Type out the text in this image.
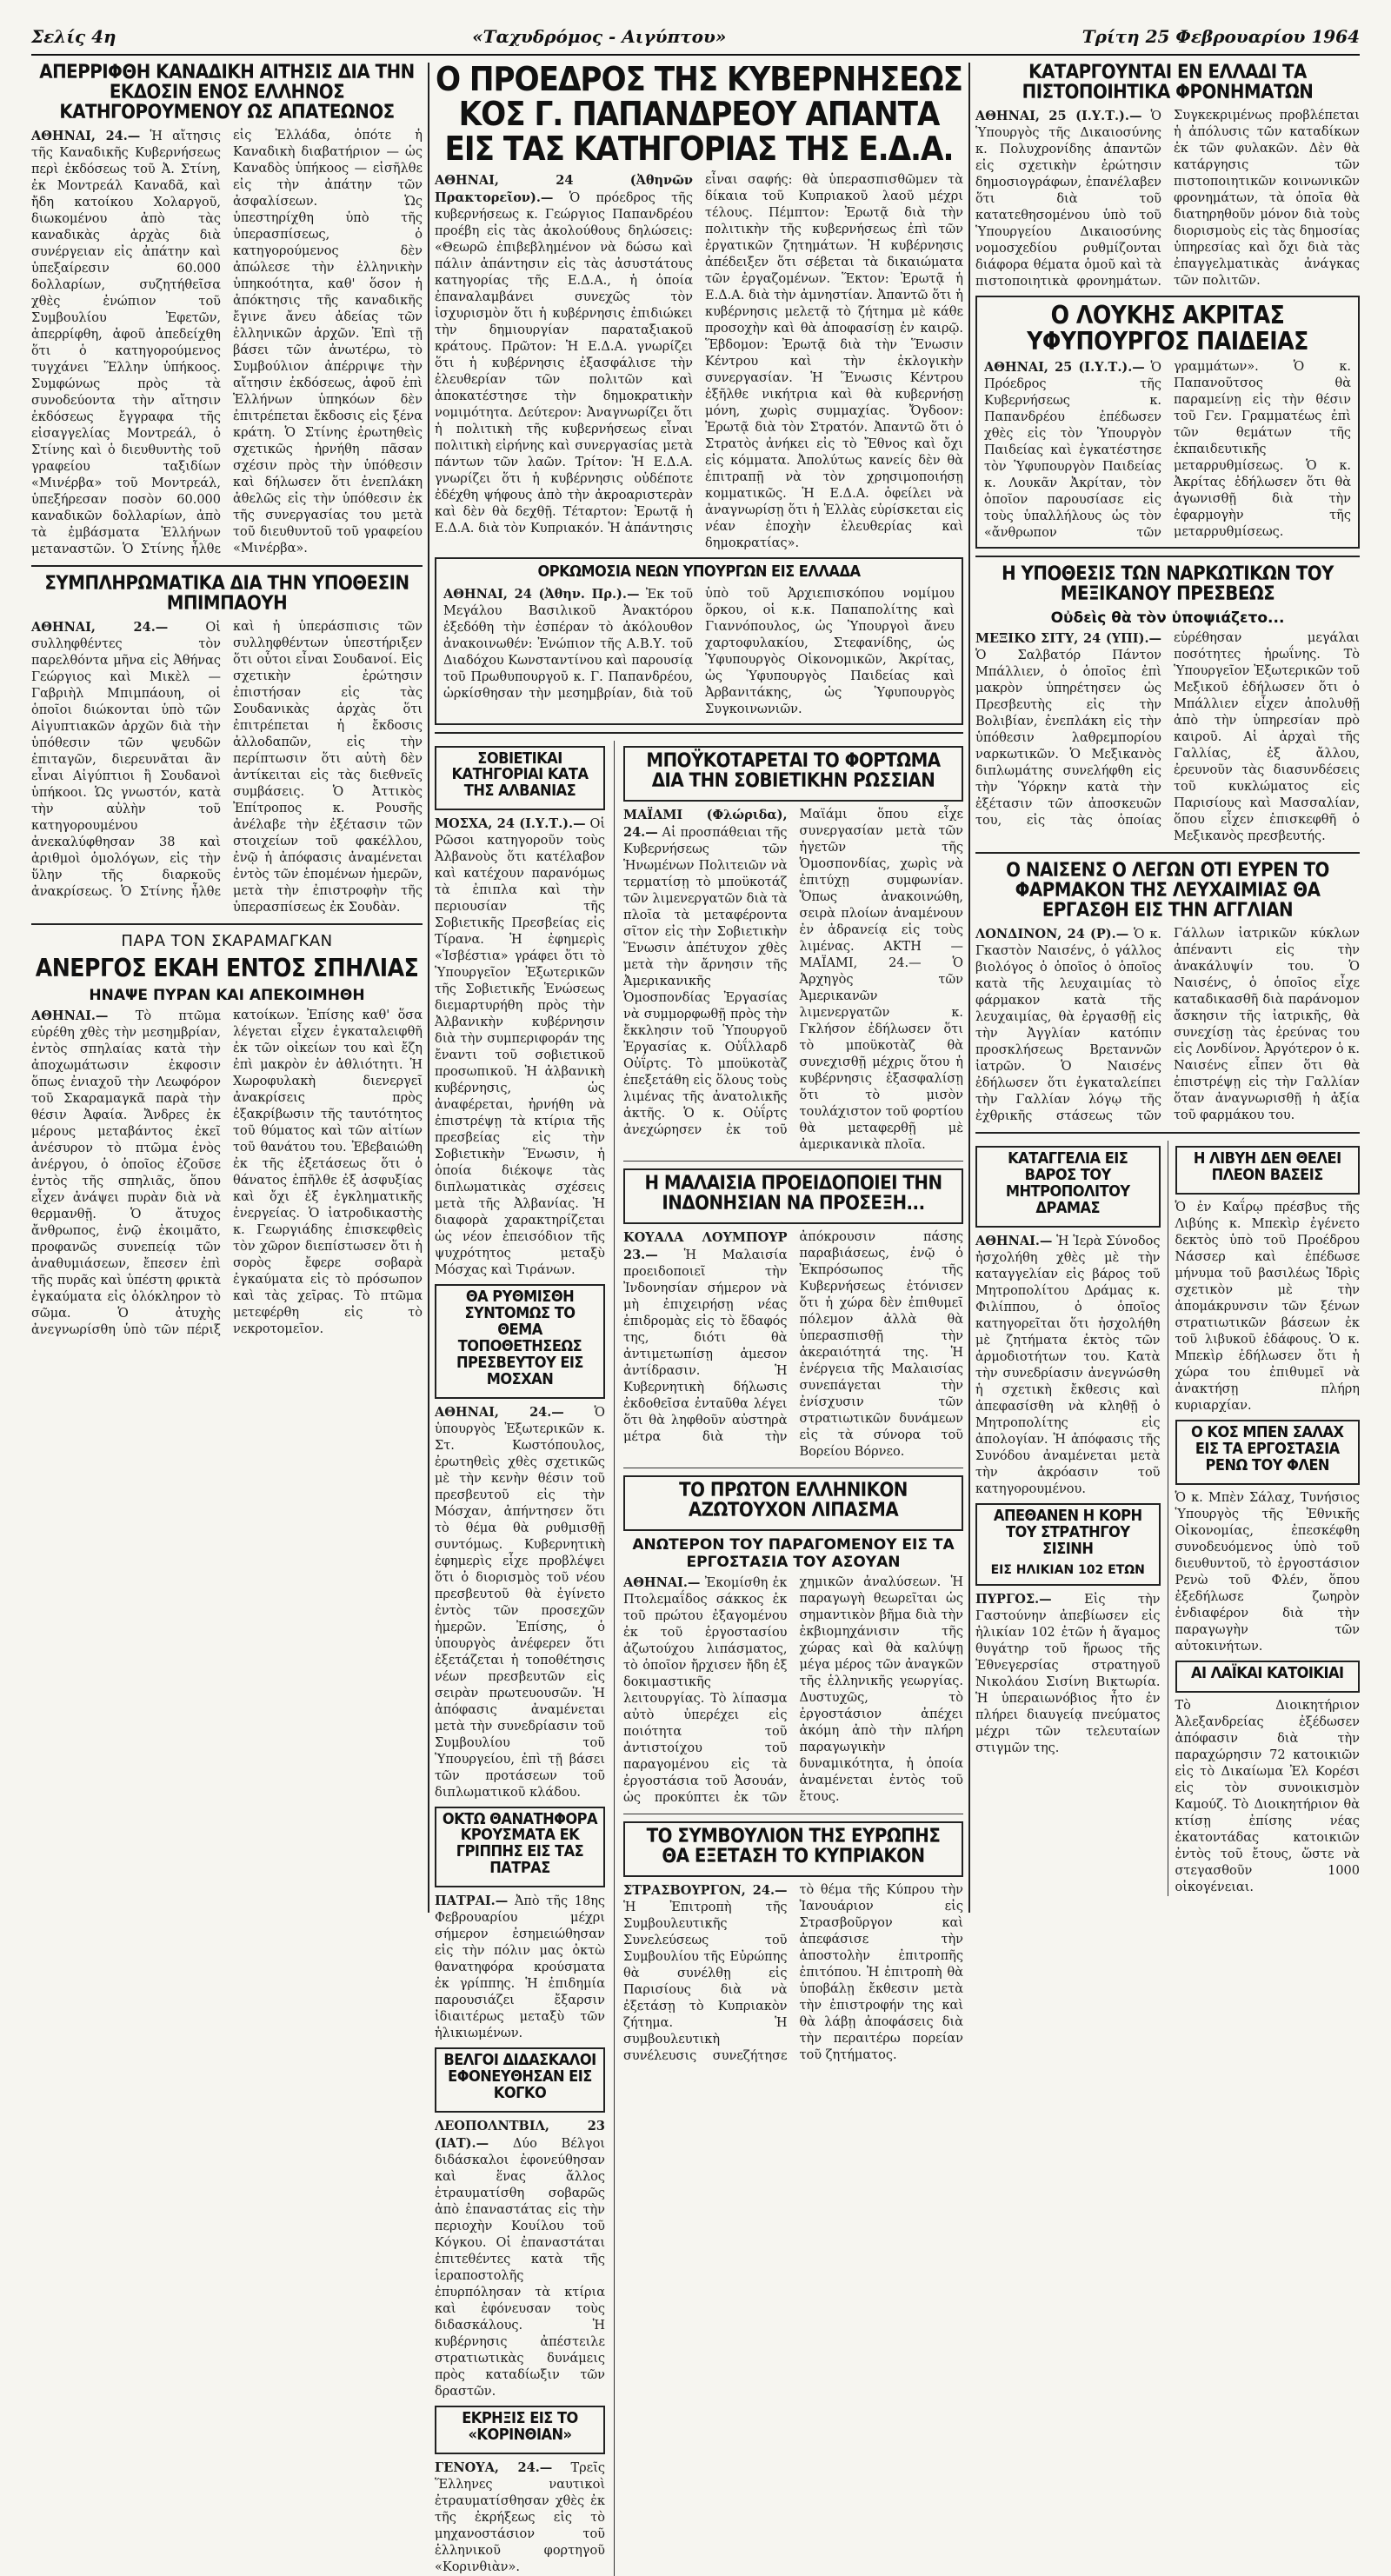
Σελίς 4η	«Ταχυδρόμος - Αιγύπτου»	Τρίτη 25 Φεβρουαρίου 1964
ΑΠΕΡΡΙΦΘΗ ΚΑΝΑΔΙΚΗ ΑΙΤΗΣΙΣ ΔΙΑ ΤΗΝ ΕΚΔΟΣΙΝ ΕΝΟΣ ΕΛΛΗΝΟΣ ΚΑΤΗΓΟΡΟΥΜΕΝΟΥ ΩΣ ΑΠΑΤΕΩΝΟΣ

ΑΘΗΝΑΙ, 24.— Ἡ αἴτησις τῆς Καναδικῆς Κυβερνήσεως περὶ ἐκδόσεως τοῦ Ἀ. Στίνη, ἐκ Μοντρεάλ Καναδᾶ, καὶ ἤδη κατοίκου Χολαργοῦ, διωκομένου ἀπὸ τὰς καναδικὰς ἀρχὰς διὰ συνέργειαν εἰς ἀπάτην καὶ ὑπεξαίρεσιν 60.000 δολλαρίων, συζητήθεῖσα χθὲς ἐνώπιον τοῦ Συμβουλίου Ἐφετῶν, ἀπερρίφθη, ἀφοῦ ἀπεδείχθη ὅτι ὁ κατηγορούμενος τυγχάνει Ἕλλην ὑπήκοος. Συμφώνως πρὸς τὰ συνοδεύοντα τὴν αἴτησιν ἐκδόσεως ἔγγραφα τῆς εἰσαγγελίας Μοντρεάλ, ὁ Στίνης καὶ ὁ διευθυντὴς τοῦ γραφείου ταξιδίων «Μινέρβα» τοῦ Μοντρεάλ, ὑπεξήρεσαν ποσὸν 60.000 καναδικῶν δολλαρίων, ἀπὸ τὰ ἐμβάσματα Ἑλλήνων μεταναστῶν. Ὁ Στίνης ἦλθε εἰς Ἑλλάδα, ὁπότε ἡ Καναδικὴ διαβατήριον — ὡς Καναδὸς ὑπήκοος — εἰσῆλθε εἰς τὴν ἀπάτην τῶν ἀσφαλίσεων. Ὡς ὑπεστηρίχθη ὑπὸ τῆς ὑπερασπίσεως, ὁ κατηγορούμενος δὲν ἀπώλεσε τὴν ἑλληνικὴν ὑπηκοότητα, καθ' ὅσον ἡ ἀπόκτησις τῆς καναδικῆς ἔγινε ἄνευ ἀδείας τῶν ἑλληνικῶν ἀρχῶν. Ἐπὶ τῇ βάσει τῶν ἀνωτέρω, τὸ Συμβούλιον ἀπέρριψε τὴν αἴτησιν ἐκδόσεως, ἀφοῦ ἐπὶ Ἑλλήνων ὑπηκόων δὲν ἐπιτρέπεται ἔκδοσις εἰς ξένα κράτη. Ὁ Στίνης ἐρωτηθεὶς σχετικῶς ἠρνήθη πᾶσαν σχέσιν πρὸς τὴν ὑπόθεσιν καὶ δήλωσεν ὅτι ἐνεπλάκη ἀθελῶς εἰς τὴν ὑπόθεσιν ἐκ τῆς συνεργασίας του μετὰ τοῦ διευθυντοῦ τοῦ γραφείου «Μινέρβα».

ΣΥΜΠΛΗΡΩΜΑΤΙΚΑ ΔΙΑ ΤΗΝ ΥΠΟΘΕΣΙΝ ΜΠΙΜΠΑΟΥΗ

ΑΘΗΝΑΙ, 24.—	Οἱ συλληφθέντες τὸν παρελθόντα μῆνα εἰς Ἀθήνας Γεώργιος καὶ Μικὲλ — Γαβριὴλ Μπιμπάουη, οἱ ὁποῖοι διώκονται ὑπὸ τῶν Αἰγυπτιακῶν ἀρχῶν διὰ τὴν ὑπόθεσιν τῶν ψευδῶν ἐπιταγῶν, διερευνᾶται ἂν εἶναι Αἰγύπτιοι ἢ Σουδανοὶ ὑπήκοοι. Ὡς γνωστόν, κατὰ τὴν αὐλὴν τοῦ κατηγορουμένου ἀνεκαλύφθησαν 38 καὶ ἀριθμοὶ ὁμολόγων, εἰς τὴν ὕλην τῆς διαρκοῦς ἀνακρίσεως. Ὁ Στίνης ἦλθε καὶ ἡ ὑπεράσπισις τῶν συλληφθέντων ὑπεστήριξεν ὅτι οὗτοι εἶναι Σουδανοί. Εἰς σχετικὴν ἐρώτησιν ἐπιστήσαν εἰς τὰς Σουδανικὰς ἀρχὰς ὅτι ἐπιτρέπεται ἡ ἔκδοσις ἀλλοδαπῶν, εἰς τὴν περίπτωσιν ὅτι αὐτὴ δὲν ἀντίκειται εἰς τὰς διεθνεῖς συμβάσεις. Ὁ Ἀττικὸς Ἐπίτροπος κ. Ρουσῆς ἀνέλαβε τὴν ἐξέτασιν τῶν στοιχείων τοῦ φακέλλου, ἐνῷ ἡ ἀπόφασις ἀναμένεται ἐντὸς τῶν ἑπομένων ἡμερῶν, μετὰ τὴν ἐπιστροφὴν τῆς ὑπερασπίσεως ἐκ Σουδὰν.

ΠΑΡΑ ΤΟΝ ΣΚΑΡΑΜΑΓΚΑΝ
ΑΝΕΡΓΟΣ ΕΚΑΗ ΕΝΤΟΣ ΣΠΗΛΙΑΣ
ΗΝΑΨΕ ΠΥΡΑΝ ΚΑΙ ΑΠΕΚΟΙΜΗΘΗ

ΑΘΗΝΑΙ.— Τὸ πτῶμα εὑρέθη χθὲς τὴν μεσημβρίαν, ἐντὸς σπηλαίας κατὰ τὴν ἀποχωμάτωσιν ἐκφοσιν ὅπως ἐνιαχοῦ τὴν Λεωφόρον τοῦ Σκαραμαγκᾶ παρὰ τὴν θέσιν Ἀφαία. Ἄνδρες ἐκ μέρους μεταβάντος ἐκεῖ ἀνέσυρον τὸ πτῶμα ἑνὸς ἀνέργου, ὁ ὁποῖος ἐζοῦσε ἐντὸς τῆς σπηλιᾶς, ὅπου εἶχεν ἀνάψει πυρὰν διὰ νὰ θερμανθῇ. Ὁ ἄτυχος ἄνθρωπος, ἐνῷ ἐκοιμᾶτο, προφανῶς συνεπείᾳ τῶν ἀναθυμιάσεων, ἔπεσεν ἐπὶ τῆς πυρᾶς καὶ ὑπέστη φρικτὰ ἐγκαύματα εἰς ὁλόκληρον τὸ σῶμα. Ὁ ἀτυχὴς ἀνεγνωρίσθη ὑπὸ τῶν πέριξ κατοίκων. Ἐπίσης καθ' ὅσα λέγεται εἶχεν ἐγκαταλειφθῆ ἐκ τῶν οἰκείων του καὶ ἔζη ἐπὶ μακρὸν ἐν ἀθλιότητι. Ἡ Χωροφυλακὴ διενεργεῖ ἀνακρίσεις πρὸς ἐξακρίβωσιν τῆς ταυτότητος τοῦ θύματος καὶ τῶν αἰτίων τοῦ θανάτου του. Ἐβεβαιώθη ἐκ τῆς ἐξετάσεως ὅτι ὁ θάνατος ἐπῆλθε ἐξ ἀσφυξίας καὶ ὄχι ἐξ ἐγκληματικῆς ἐνεργείας. Ὁ ἰατροδικαστὴς κ. Γεωργιάδης ἐπισκεφθεὶς τὸν χῶρον διεπίστωσεν ὅτι ἡ σορὸς ἔφερε σοβαρὰ ἐγκαύματα εἰς τὸ πρόσωπον καὶ τὰς χεῖρας. Τὸ πτῶμα μετεφέρθη εἰς τὸ νεκροτομεῖον.

Ο ΠΡΟΕΔΡΟΣ ΤΗΣ ΚΥΒΕΡΝΗΣΕΩΣ ΚΟΣ Γ. ΠΑΠΑΝΔΡΕΟΥ ΑΠΑΝΤΑ ΕΙΣ ΤΑΣ ΚΑΤΗΓΟΡΙΑΣ ΤΗΣ Ε.Δ.Α.

ΑΘΗΝΑΙ, 24 (Ἀθηνῶν Πρακτορεῖον).— Ὁ πρόεδρος τῆς κυβερνήσεως κ. Γεώργιος Παπανδρέου προέβη εἰς τὰς ἀκολούθους δηλώσεις: «Θεωρῶ ἐπιβεβλημένον νὰ δώσω καὶ πάλιν ἀπάντησιν εἰς τὰς ἀσυστάτους κατηγορίας τῆς Ε.Δ.Α., ἡ ὁποία ἐπαναλαμβάνει συνεχῶς τὸν ἰσχυρισμὸν ὅτι ἡ κυβέρνησις ἐπιδιώκει τὴν δημιουργίαν παραταξιακοῦ κράτους. Πρῶτον: Ἡ Ε.Δ.Α. γνωρίζει ὅτι ἡ κυβέρνησις ἐξασφάλισε τὴν ἐλευθερίαν τῶν πολιτῶν καὶ ἀποκατέστησε τὴν δημοκρατικὴν νομιμότητα. Δεύτερον: Ἀναγνωρίζει ὅτι ἡ πολιτικὴ τῆς κυβερνήσεως εἶναι πολιτικὴ εἰρήνης καὶ συνεργασίας μετὰ πάντων τῶν λαῶν. Τρίτον: Ἡ Ε.Δ.Α. γνωρίζει ὅτι ἡ κυβέρνησις οὐδέποτε ἐδέχθη ψήφους ἀπὸ τὴν ἀκροαριστερὰν καὶ δὲν θὰ δεχθῇ. Τέταρτον: Ἐρωτᾷ ἡ Ε.Δ.Α. διὰ τὸν Κυπριακόν. Ἡ ἀπάντησις εἶναι σαφής: θὰ ὑπερασπισθῶμεν τὰ δίκαια τοῦ Κυπριακοῦ λαοῦ μέχρι τέλους. Πέμπτον: Ἐρωτᾷ διὰ τὴν πολιτικὴν τῆς κυβερνήσεως ἐπὶ τῶν ἐργατικῶν ζητημάτων. Ἡ κυβέρνησις ἀπέδειξεν ὅτι σέβεται τὰ δικαιώματα τῶν ἐργαζομένων. Ἕκτον: Ἐρωτᾷ ἡ Ε.Δ.Α. διὰ τὴν ἀμνηστίαν. Ἀπαντῶ ὅτι ἡ κυβέρνησις μελετᾷ τὸ ζήτημα μὲ κάθε προσοχὴν καὶ θὰ ἀποφασίσῃ ἐν καιρῷ. Ἕβδομον: Ἐρωτᾷ διὰ τὴν Ἕνωσιν Κέντρου καὶ τὴν ἐκλογικὴν συνεργασίαν. Ἡ Ἕνωσις Κέντρου ἐξῆλθε νικήτρια καὶ θὰ κυβερνήσῃ μόνη, χωρὶς συμμαχίας. Ὄγδοον: Ἐρωτᾷ διὰ τὸν Στρατόν. Ἀπαντῶ ὅτι ὁ Στρατὸς ἀνήκει εἰς τὸ Ἔθνος καὶ ὄχι εἰς κόμματα. Ἀπολύτως κανείς δὲν θὰ ἐπιτραπῇ νὰ τὸν χρησιμοποιήσῃ κομματικῶς. Ἡ Ε.Δ.Α. ὀφείλει νὰ ἀναγνωρίσῃ ὅτι ἡ Ἑλλὰς εὑρίσκεται εἰς νέαν ἐποχὴν ἐλευθερίας καὶ δημοκρατίας».

ΟΡΚΩΜΟΣΙΑ ΝΕΩΝ ΥΠΟΥΡΓΩΝ ΕΙΣ ΕΛΛΑΔΑ

ΑΘΗΝΑΙ, 24 (Ἀθην. Πρ.).— Ἐκ τοῦ Μεγάλου Βασιλικοῦ Ἀνακτόρου ἐξεδόθη τὴν ἑσπέραν τὸ ἀκόλουθον ἀνακοινωθέν: Ἐνώπιον τῆς Α.Β.Υ. τοῦ Διαδόχου Κωνσταντίνου καὶ παρουσίᾳ τοῦ Πρωθυπουργοῦ κ. Γ. Παπανδρέου, ὡρκίσθησαν τὴν μεσημβρίαν, διὰ τοῦ ὑπὸ τοῦ Ἀρχιεπισκόπου νομίμου ὅρκου, οἱ κ.κ. Παπαπολίτης καὶ Γιαννόπουλος, ὡς Ὑπουργοὶ ἄνευ χαρτοφυλακίου, Στεφανίδης, ὡς Ὑφυπουργὸς Οἰκονομικῶν, Ἀκρίτας, ὡς Ὑφυπουργὸς Παιδείας καὶ Ἀρβανιτάκης, ὡς Ὑφυπουργὸς Συγκοινωνιῶν.

ΣΟΒΙΕΤΙΚΑΙ ΚΑΤΗΓΟΡΙΑΙ ΚΑΤΑ ΤΗΣ ΑΛΒΑΝΙΑΣ

ΜΟΣΧΑ, 24 (Ι.Υ.Τ.).— Οἱ Ρῶσοι κατηγοροῦν τοὺς Ἀλβανοὺς ὅτι κατέλαβον καὶ κατέχουν παρανόμως τὰ ἐπιπλα καὶ τὴν περιουσίαν τῆς Σοβιετικῆς Πρεσβείας εἰς Τίρανα. Ἡ ἐφημερὶς «Ἰσβέστια» γράφει ὅτι τὸ Ὑπουργεῖον Ἐξωτερικῶν τῆς Σοβιετικῆς Ἑνώσεως διεμαρτυρήθη πρὸς τὴν Ἀλβανικὴν κυβέρνησιν διὰ τὴν συμπεριφοράν της ἔναντι τοῦ σοβιετικοῦ προσωπικοῦ. Ἡ ἀλβανικὴ κυβέρνησις, ὡς ἀναφέρεται, ἠρνήθη νὰ ἐπιστρέψῃ τὰ κτίρια τῆς πρεσβείας εἰς τὴν Σοβιετικὴν Ἕνωσιν, ἡ ὁποία διέκοψε τὰς διπλωματικὰς σχέσεις μετὰ τῆς Ἀλβανίας. Ἡ διαφορὰ χαρακτηρίζεται ὡς νέον ἐπεισόδιον τῆς ψυχρότητος μεταξὺ Μόσχας καὶ Τιράνων.

ΘΑ ΡΥΘΜΙΣΘΗ ΣΥΝΤΟΜΩΣ ΤΟ ΘΕΜΑ ΤΟΠΟΘΕΤΗΣΕΩΣ ΠΡΕΣΒΕΥΤΟΥ ΕΙΣ ΜΟΣΧΑΝ

ΑΘΗΝΑΙ, 24.— Ὁ ὑπουργὸς Ἐξωτερικῶν κ. Στ. Κωστόπουλος, ἐρωτηθεὶς χθὲς σχετικῶς μὲ τὴν κενὴν θέσιν τοῦ πρεσβευτοῦ εἰς τὴν Μόσχαν, ἀπήντησεν ὅτι τὸ θέμα θὰ ρυθμισθῇ συντόμως. Κυβερνητικὴ ἐφημερὶς εἶχε προβλέψει ὅτι ὁ διορισμὸς τοῦ νέου πρεσβευτοῦ θὰ ἐγίνετο ἐντὸς τῶν προσεχῶν ἡμερῶν. Ἐπίσης, ὁ ὑπουργὸς ἀνέφερεν ὅτι ἐξετάζεται ἡ τοποθέτησις νέων πρεσβευτῶν εἰς σειρὰν πρωτευουσῶν. Ἡ ἀπόφασις ἀναμένεται μετὰ τὴν συνεδρίασιν τοῦ Συμβουλίου τοῦ Ὑπουργείου, ἐπὶ τῇ βάσει τῶν προτάσεων τοῦ διπλωματικοῦ κλάδου.

ΟΚΤΩ ΘΑΝΑΤΗΦΟΡΑ ΚΡΟΥΣΜΑΤΑ ΕΚ ΓΡΙΠΠΗΣ ΕΙΣ ΤΑΣ ΠΑΤΡΑΣ

ΠΑΤΡΑΙ.— Ἀπὸ τῆς 18ης Φεβρουαρίου μέχρι σήμερον ἐσημειώθησαν εἰς τὴν πόλιν μας ὀκτὼ θανατηφόρα κρούσματα ἐκ γρίππης. Ἡ ἐπιδημία παρουσιάζει ἔξαρσιν ἰδιαιτέρως μεταξὺ τῶν ἡλικιωμένων.

ΒΕΛΓΟΙ ΔΙΔΑΣΚΑΛΟΙ ΕΦΟΝΕΥΘΗΣΑΝ ΕΙΣ ΚΟΓΚΟ

ΛΕΟΠΟΛΝΤΒΙΛ, 23 (ΙΑΤ).— Δύο Βέλγοι διδάσκαλοι ἐφονεύθησαν καὶ ἕνας ἄλλος ἐτραυματίσθη σοβαρῶς ἀπὸ ἐπαναστάτας εἰς τὴν περιοχὴν Κουίλου τοῦ Κόγκου. Οἱ ἐπαναστάται ἐπιτεθέντες κατὰ τῆς ἱεραποστολῆς ἐπυρπόλησαν τὰ κτίρια καὶ ἐφόνευσαν τοὺς διδασκάλους. Ἡ κυβέρνησις ἀπέστειλε στρατιωτικὰς δυνάμεις πρὸς καταδίωξιν τῶν δραστῶν.

ΕΚΡΗΞΙΣ ΕΙΣ ΤΟ «ΚΟΡΙΝΘΙΑΝ»

ΓΕΝΟΥΑ, 24.— Τρεῖς Ἕλληνες ναυτικοὶ ἐτραυματίσθησαν χθὲς ἐκ τῆς ἐκρήξεως εἰς τὸ μηχανοστάσιον τοῦ ἑλληνικοῦ φορτηγοῦ «Κορινθιὰν».

ΜΠΟΫΚΟΤΑΡΕΤΑΙ ΤΟ ΦΟΡΤΩΜΑ ΔΙΑ ΤΗΝ ΣΟΒΙΕΤΙΚΗΝ ΡΩΣΣΙΑΝ

ΜΑΪΑΜΙ (Φλώριδα), 24.— Αἱ προσπάθειαι τῆς Κυβερνήσεως τῶν Ἡνωμένων Πολιτειῶν νὰ τερματίσῃ τὸ μποϋκοτάζ τῶν λιμενεργατῶν διὰ τὰ πλοῖα τὰ μεταφέροντα σῖτον εἰς τὴν Σοβιετικὴν Ἕνωσιν ἀπέτυχον χθὲς μετὰ τὴν ἄρνησιν τῆς Ἀμερικανικῆς Ὁμοσπονδίας Ἐργασίας νὰ συμμορφωθῇ πρὸς τὴν ἔκκλησιν τοῦ Ὑπουργοῦ Ἐργασίας κ. Οὐΐλλαρδ Οὐΐρτς. Τὸ μποϋκοτὰζ ἐπεξετάθη εἰς ὅλους τοὺς λιμένας τῆς ἀνατολικῆς ἀκτῆς. Ὁ κ. Οὐΐρτς ἀνεχώρησεν ἐκ τοῦ Μαϊάμι ὅπου εἶχε συνεργασίαν μετὰ τῶν ἡγετῶν τῆς Ὁμοσπονδίας, χωρὶς νὰ ἐπιτύχῃ συμφωνίαν. Ὅπως ἀνακοινώθη, σειρὰ πλοίων ἀναμένουν ἐν ἀδρανείᾳ εἰς τοὺς λιμένας. ΑΚΤΗ — ΜΑΪΑΜΙ, 24.— Ὁ Ἀρχηγὸς τῶν Ἀμερικανῶν λιμενεργατῶν κ. Γκλήσον ἐδήλωσεν ὅτι τὸ μποϋκοτὰζ θὰ συνεχισθῇ μέχρις ὅτου ἡ κυβέρνησις ἐξασφαλίσῃ ὅτι τὸ μισὸν τουλάχιστον τοῦ φορτίου θὰ μεταφερθῇ μὲ ἀμερικανικὰ πλοῖα.

Η ΜΑΛΑΙΣΙΑ ΠΡΟΕΙΔΟΠΟΙΕΙ ΤΗΝ ΙΝΔΟΝΗΣΙΑΝ ΝΑ ΠΡΟΣΕΞΗ...

ΚΟΥΑΛΑ ΛΟΥΜΠΟΥΡ 23.— Ἡ Μαλαισία προειδοποιεῖ τὴν Ἰνδονησίαν σήμερον νὰ μὴ ἐπιχειρήσῃ νέας ἐπιδρομὰς εἰς τὸ ἔδαφός της, διότι θὰ ἀντιμετωπίσῃ ἀμεσον ἀντίδρασιν. Ἡ Κυβερνητικὴ δήλωσις ἐκδοθεῖσα ἐνταῦθα λέγει ὅτι θὰ ληφθοῦν αὐστηρὰ μέτρα διὰ τὴν ἀπόκρουσιν πάσης παραβιάσεως, ἐνῷ ὁ Ἐκπρόσωπος τῆς Κυβερνήσεως ἐτόνισεν ὅτι ἡ χώρα δὲν ἐπιθυμεῖ πόλεμον ἀλλὰ θὰ ὑπερασπισθῇ τὴν ἀκεραιότητά της. Ἡ ἐνέργεια τῆς Μαλαισίας συνεπάγεται τὴν ἐνίσχυσιν τῶν στρατιωτικῶν δυνάμεων εἰς τὰ σύνορα τοῦ Βορείου Βόρνεο.

ΤΟ ΠΡΩΤΟΝ ΕΛΛΗΝΙΚΟΝ ΑΖΩΤΟΥΧΟΝ ΛΙΠΑΣΜΑ
ΑΝΩΤΕΡΟΝ ΤΟΥ ΠΑΡΑΓΟΜΕΝΟΥ ΕΙΣ ΤΑ ΕΡΓΟΣΤΑΣΙΑ ΤΟΥ ΑΣΟΥΑΝ

ΑΘΗΝΑΙ.— Ἐκομίσθη ἐκ Πτολεμαΐδος σάκκος ἐκ τοῦ πρώτου ἐξαγομένου ἐκ τοῦ ἐργοστασίου ἀζωτούχου λιπάσματος, τὸ ὁποῖον ἤρχισεν ἤδη ἐξ δοκιμαστικῆς λειτουργίας. Τὸ λίπασμα αὐτὸ ὑπερέχει εἰς ποιότητα τοῦ ἀντιστοίχου τοῦ παραγομένου εἰς τὰ ἐργοστάσια τοῦ Ἀσουάν, ὡς προκύπτει ἐκ τῶν χημικῶν ἀναλύσεων. Ἡ παραγωγὴ θεωρεῖται ὡς σημαντικὸν βῆμα διὰ τὴν ἐκβιομηχάνισιν τῆς χώρας καὶ θὰ καλύψῃ μέγα μέρος τῶν ἀναγκῶν τῆς ἑλληνικῆς γεωργίας. Δυστυχῶς, τὸ ἐργοστάσιον ἀπέχει ἀκόμη ἀπὸ τὴν πλήρη παραγωγικὴν δυναμικότητα, ἡ ὁποία ἀναμένεται ἐντὸς τοῦ ἔτους.

ΤΟ ΣΥΜΒΟΥΛΙΟΝ ΤΗΣ ΕΥΡΩΠΗΣ ΘΑ ΕΞΕΤΑΣΗ ΤΟ ΚΥΠΡΙΑΚΟΝ

ΣΤΡΑΣΒΟΥΡΓΟΝ, 24.— Ἡ Ἐπιτροπὴ τῆς Συμβουλευτικῆς Συνελεύσεως τοῦ Συμβουλίου τῆς Εὐρώπης θὰ συνέλθῃ εἰς Παρισίους διὰ νὰ ἐξετάσῃ τὸ Κυπριακὸν ζήτημα. Ἡ συμβουλευτικὴ συνέλευσις συνεζήτησε τὸ θέμα τῆς Κύπρου τὴν Ἰανουάριον εἰς Στρασβοῦργον καὶ ἀπεφάσισε τὴν ἀποστολὴν ἐπιτροπῆς ἐπιτόπου. Ἡ ἐπιτροπὴ θὰ ὑποβάλῃ ἔκθεσιν μετὰ τὴν ἐπιστροφήν της καὶ θὰ λάβῃ ἀποφάσεις διὰ τὴν περαιτέρω πορείαν τοῦ ζητήματος.

ΚΑΤΑΡΓΟΥΝΤΑΙ ΕΝ ΕΛΛΑΔΙ ΤΑ ΠΙΣΤΟΠΟΙΗΤΙΚΑ ΦΡΟΝΗΜΑΤΩΝ

ΑΘΗΝΑΙ, 25 (Ι.Υ.Τ.).— Ὁ Ὑπουργὸς τῆς Δικαιοσύνης κ. Πολυχρονίδης ἀπαντῶν εἰς σχετικὴν ἐρώτησιν δημοσιογράφων, ἐπανέλαβεν ὅτι διὰ τοῦ κατατεθησομένου ὑπὸ τοῦ Ὑπουργείου Δικαιοσύνης νομοσχεδίου ρυθμίζονται διάφορα θέματα ὁμοῦ καὶ τὰ πιστοποιητικὰ φρονημάτων. Συγκεκριμένως προβλέπεται ἡ ἀπόλυσις τῶν καταδίκων ἐκ τῶν φυλακῶν. Δὲν θὰ κατάργησις τῶν πιστοποιητικῶν κοινωνικῶν φρονημάτων, τὰ ὁποῖα θὰ διατηρηθοῦν μόνον διὰ τοὺς διορισμοὺς εἰς τὰς δημοσίας ὑπηρεσίας καὶ ὄχι διὰ τὰς ἐπαγγελματικὰς ἀνάγκας τῶν πολιτῶν.

Ο ΛΟΥΚΗΣ ΑΚΡΙΤΑΣ ΥΦΥΠΟΥΡΓΟΣ ΠΑΙΔΕΙΑΣ

ΑΘΗΝΑΙ, 25 (Ι.Υ.Τ.).— Ὁ Πρόεδρος τῆς Κυβερνήσεως κ. Παπανδρέου ἐπέδωσεν χθὲς εἰς τὸν Ὑπουργὸν Παιδείας καὶ ἐγκατέστησε τὸν Ὑφυπουργὸν Παιδείας κ. Λουκᾶν Ἀκρίταν, τὸν ὁποῖον παρουσίασε εἰς τοὺς ὑπαλλήλους ὡς τὸν «ἄνθρωπον τῶν γραμμάτων». Ὁ κ. Παπανοῦτσος θὰ παραμείνῃ εἰς τὴν θέσιν τοῦ Γεν. Γραμματέως ἐπὶ τῶν θεμάτων τῆς ἐκπαιδευτικῆς μεταρρυθμίσεως. Ὁ κ. Ἀκρίτας ἐδήλωσεν ὅτι θὰ ἀγωνισθῇ διὰ τὴν ἐφαρμογὴν τῆς μεταρρυθμίσεως.

Η ΥΠΟΘΕΣΙΣ ΤΩΝ ΝΑΡΚΩΤΙΚΩΝ ΤΟΥ ΜΕΞΙΚΑΝΟΥ ΠΡΕΣΒΕΩΣ
Οὐδεὶς θὰ τὸν ὑποψιάζετο...

ΜΕΞΙΚΟ ΣΙΤΥ, 24 (ΥΠΙ).— Ὁ Σαλβατόρ Πάντον Μπάλλιεν, ὁ ὁποῖος ἐπὶ μακρὸν ὑπηρέτησεν ὡς Πρεσβευτὴς εἰς τὴν Βολιβίαν, ἐνεπλάκη εἰς τὴν ὑπόθεσιν λαθρεμπορίου ναρκωτικῶν. Ὁ Μεξικανὸς διπλωμάτης συνελήφθη εἰς τὴν Ὑόρκην κατὰ τὴν ἐξέτασιν τῶν ἀποσκευῶν του, εἰς τὰς ὁποίας εὑρέθησαν μεγάλαι ποσότητες ἡρωΐνης. Τὸ Ὑπουργεῖον Ἐξωτερικῶν τοῦ Μεξικοῦ ἐδήλωσεν ὅτι ὁ Μπάλλιεν εἶχεν ἀπολυθῇ ἀπὸ τὴν ὑπηρεσίαν πρὸ καιροῦ. Αἱ ἀρχαὶ τῆς Γαλλίας, ἐξ ἄλλου, ἐρευνοῦν τὰς διασυνδέσεις τοῦ κυκλώματος εἰς Παρισίους καὶ Μασσαλίαν, ὅπου εἶχεν ἐπισκεφθῆ ὁ Μεξικανὸς πρεσβευτής.

Ο ΝΑΙΣΕΝΣ Ο ΛΕΓΩΝ ΟΤΙ ΕΥΡΕΝ ΤΟ ΦΑΡΜΑΚΟΝ ΤΗΣ ΛΕΥΧΑΙΜΙΑΣ ΘΑ ΕΡΓΑΣΘΗ ΕΙΣ ΤΗΝ ΑΓΓΛΙΑΝ

ΛΟΝΔΙΝΟΝ, 24 (Ρ).— Ὁ κ. Γκαστὸν Ναισένς, ὁ γάλλος βιολόγος ὁ ὁποῖος ὁ ὁποῖος κατὰ τῆς λευχαιμίας τὸ φάρμακον κατὰ τῆς λευχαιμίας, θὰ ἐργασθῇ εἰς τὴν Ἀγγλίαν κατόπιν προσκλήσεως Βρεταννῶν ἰατρῶν. Ὁ Ναισένς ἐδήλωσεν ὅτι ἐγκαταλείπει τὴν Γαλλίαν λόγῳ τῆς ἐχθρικῆς στάσεως τῶν Γάλλων ἰατρικῶν κύκλων ἀπέναντι εἰς τὴν ἀνακάλυψίν του. Ὁ Ναισένς, ὁ ὁποῖος εἶχε καταδικασθῆ διὰ παράνομον ἄσκησιν τῆς ἰατρικῆς, θὰ συνεχίσῃ τὰς ἐρεύνας του εἰς Λονδίνον. Ἀργότερον ὁ κ. Ναισένς εἶπεν ὅτι θὰ ἐπιστρέψῃ εἰς τὴν Γαλλίαν ὅταν ἀναγνωρισθῇ ἡ ἀξία τοῦ φαρμάκου του.

ΚΑΤΑΓΓΕΛΙΑ ΕΙΣ ΒΑΡΟΣ ΤΟΥ ΜΗΤΡΟΠΟΛΙΤΟΥ ΔΡΑΜΑΣ

ΑΘΗΝΑΙ.— Ἡ Ἱερὰ Σύνοδος ἠσχολήθη χθὲς μὲ τὴν καταγγελίαν εἰς βάρος τοῦ Μητροπολίτου Δράμας κ. Φιλίππου, ὁ ὁποῖος κατηγορεῖται ὅτι ἠσχολήθη μὲ ζητήματα ἐκτὸς τῶν ἁρμοδιοτήτων του. Κατὰ τὴν συνεδρίασιν ἀνεγνώσθη ἡ σχετικὴ ἔκθεσις καὶ ἀπεφασίσθη νὰ κληθῇ ὁ Μητροπολίτης εἰς ἀπολογίαν. Ἡ ἀπόφασις τῆς Συνόδου ἀναμένεται μετὰ τὴν ἀκρόασιν τοῦ κατηγορουμένου.

ΑΠΕΘΑΝΕΝ Η ΚΟΡΗ ΤΟΥ ΣΤΡΑΤΗΓΟΥ ΣΙΣΙΝΗ
ΕΙΣ ΗΛΙΚΙΑΝ 102 ΕΤΩΝ

ΠΥΡΓΟΣ.—	Εἰς τὴν Γαστούνην ἀπεβίωσεν εἰς ἡλικίαν 102 ἐτῶν ἡ ἄγαμος θυγάτηρ τοῦ ἥρωος τῆς Ἐθνεγερσίας στρατηγοῦ Νικολάου Σισίνη Βικτωρία. Ἡ ὑπεραιωνόβιος ἦτο ἐν πλήρει διαυγείᾳ πνεύματος μέχρι τῶν τελευταίων στιγμῶν της.

Η ΛΙΒΥΗ ΔΕΝ ΘΕΛΕΙ ΠΛΕΟΝ ΒΑΣΕΙΣ

Ὁ ἐν Καΐρῳ πρέσβυς τῆς Λιβύης κ. Μπεκὶρ ἐγένετο δεκτὸς ὑπὸ τοῦ Προέδρου Νάσσερ καὶ ἐπέδωσε μήνυμα τοῦ βασιλέως Ἰδρὶς σχετικὸν μὲ τὴν ἀπομάκρυνσιν τῶν ξένων στρατιωτικῶν βάσεων ἐκ τοῦ λιβυκοῦ ἐδάφους. Ὁ κ. Μπεκὶρ ἐδήλωσεν ὅτι ἡ χώρα του ἐπιθυμεῖ νὰ ἀνακτήσῃ πλήρη κυριαρχίαν.

Ο ΚΟΣ ΜΠΕΝ ΣΑΛΑΧ ΕΙΣ ΤΑ ΕΡΓΟΣΤΑΣΙΑ ΡΕΝΩ ΤΟΥ ΦΛΕΝ

Ὁ κ. Μπὲν Σάλαχ, Τυνήσιος Ὑπουργὸς τῆς Ἐθνικῆς Οἰκονομίας, ἐπεσκέφθη συνοδευόμενος ὑπὸ τοῦ διευθυντοῦ, τὸ ἐργοστάσιον Ρενὼ τοῦ Φλέν, ὅπου ἐξεδήλωσε ζωηρὸν ἐνδιαφέρον διὰ τὴν παραγωγὴν τῶν αὐτοκινήτων.

ΑΙ ΛΑΪΚΑΙ ΚΑΤΟΙΚΙΑΙ

Τὸ Διοικητήριον Ἀλεξανδρείας ἐξέδωσεν ἀπόφασιν διὰ τὴν παραχώρησιν 72 κατοικιῶν εἰς τὸ Δικαίωμα Ἐλ Κορέσι εἰς τὸν συνοικισμὸν Καμούζ. Τὸ Διοικητήριον θὰ κτίσῃ ἐπίσης νέας ἑκατοντάδας κατοικιῶν ἐντὸς τοῦ ἔτους, ὥστε νὰ στεγασθοῦν 1000 οἰκογένειαι.
